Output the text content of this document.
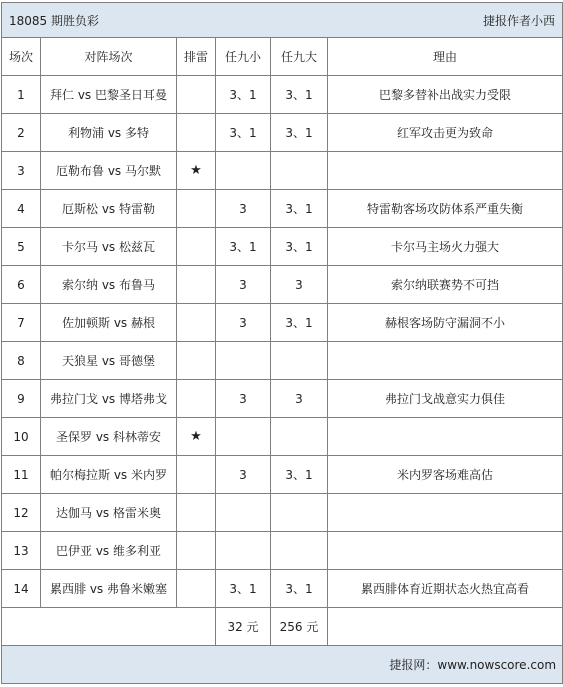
18085 期胜负彩			捷报作者小西		
场次	对阵场次	排雷	任九小	任九大	理由
1	拜仁 vs 巴黎圣日耳曼		3、1	3、1	巴黎多替补出战实力受限
2	利物浦 vs 多特		3、1	3、1	红军攻击更为致命
3	厄勒布鲁 vs 马尔默	★			
4	厄斯松 vs 特雷勒		3	3、1	特雷勒客场攻防体系严重失衡
5	卡尔马 vs 松兹瓦		3、1	3、1	卡尔马主场火力强大
6	索尔纳 vs 布鲁马		3	3	索尔纳联赛势不可挡
7	佐加顿斯 vs 赫根		3	3、1	赫根客场防守漏洞不小
8	天狼星 vs 哥德堡				
9	弗拉门戈 vs 博塔弗戈		3	3	弗拉门戈战意实力俱佳
10	圣保罗 vs 科林蒂安	★			
11	帕尔梅拉斯 vs 米内罗		3	3、1	米内罗客场难高估
12	达伽马 vs 格雷米奥				
13	巴伊亚 vs 维多利亚				
14	累西腓 vs 弗鲁米嫩塞		3、1	3、1	累西腓体育近期状态火热宜高看
			32 元	256 元	
捷报网：www.nowscore.com					
